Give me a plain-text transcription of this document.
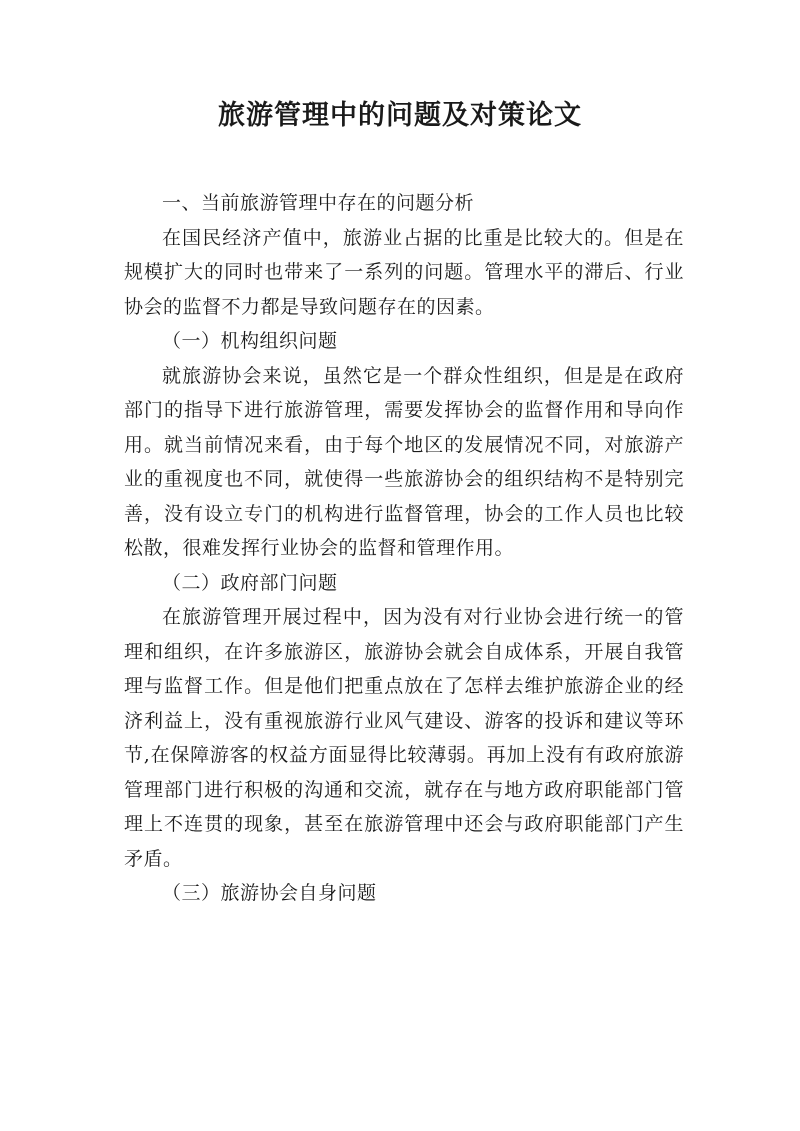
旅游管理中的问题及对策论文

一、当前旅游管理中存在的问题分析

在国民经济产值中，旅游业占据的比重是比较大的。但是在规模扩大的同时也带来了一系列的问题。管理水平的滞后、行业协会的监督不力都是导致问题存在的因素。

（一）机构组织问题

就旅游协会来说，虽然它是一个群众性组织，但是是在政府部门的指导下进行旅游管理，需要发挥协会的监督作用和导向作用。就当前情况来看，由于每个地区的发展情况不同，对旅游产业的重视度也不同，就使得一些旅游协会的组织结构不是特别完善，没有设立专门的机构进行监督管理，协会的工作人员也比较松散，很难发挥行业协会的监督和管理作用。

（二）政府部门问题

在旅游管理开展过程中，因为没有对行业协会进行统一的管理和组织，在许多旅游区，旅游协会就会自成体系，开展自我管理与监督工作。但是他们把重点放在了怎样去维护旅游企业的经济利益上，没有重视旅游行业风气建设、游客的投诉和建议等环节,在保障游客的权益方面显得比较薄弱。再加上没有有政府旅游管理部门进行积极的沟通和交流，就存在与地方政府职能部门管理上不连贯的现象，甚至在旅游管理中还会与政府职能部门产生矛盾。

（三）旅游协会自身问题
